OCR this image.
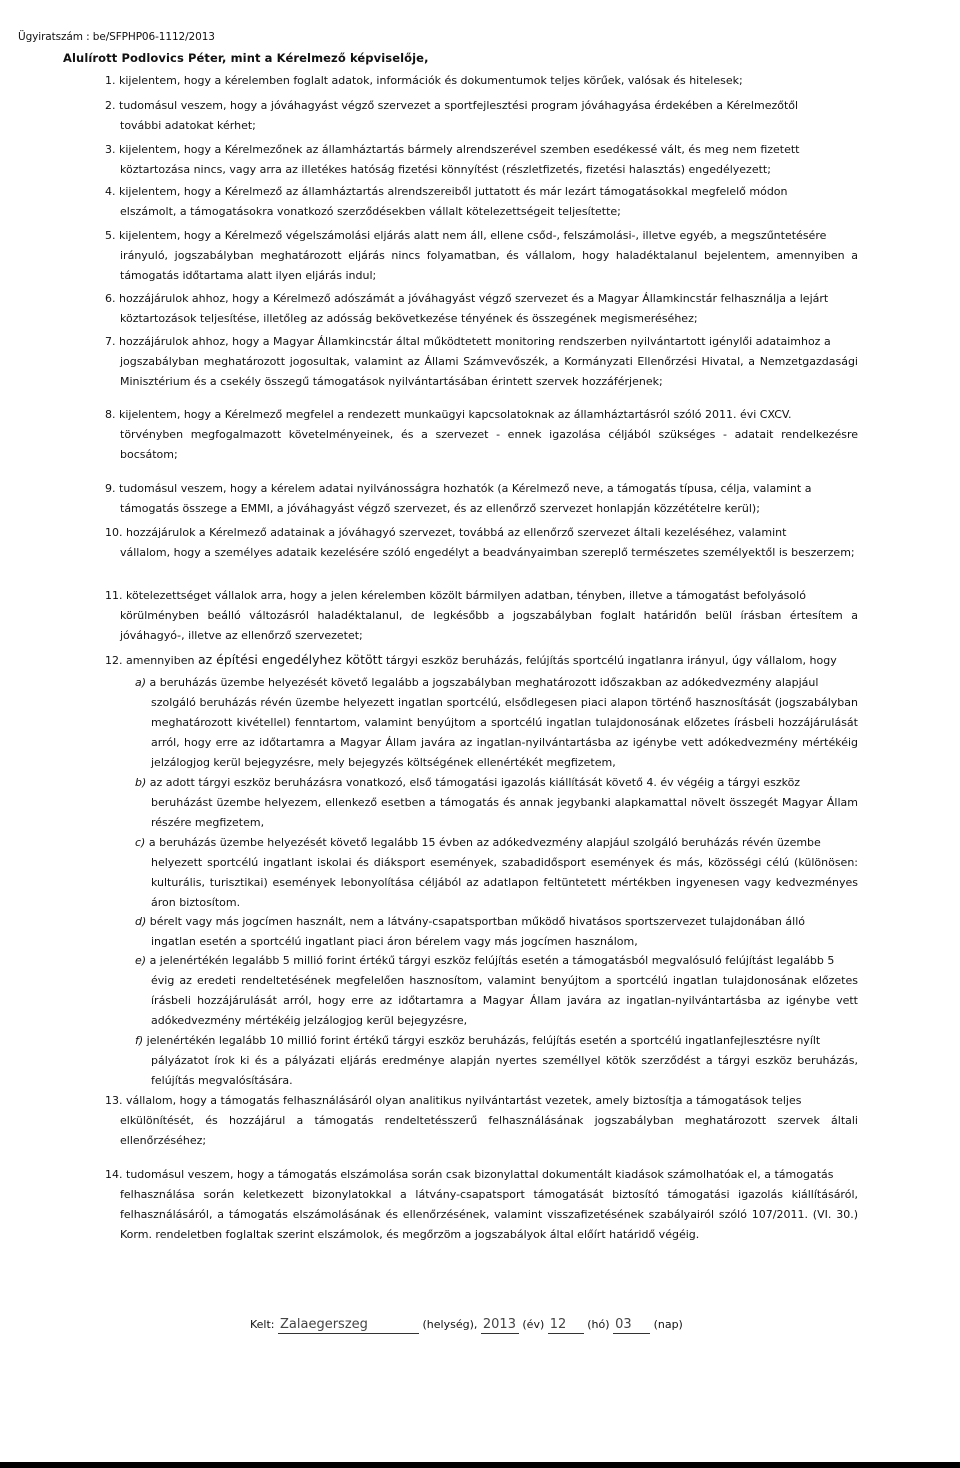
Ügyiratszám : be/SFPHP06-1112/2013
Alulírott Podlovics Péter, mint a Kérelmező képviselője,
1. kijelentem, hogy a kérelemben foglalt adatok, információk és dokumentumok teljes körűek, valósak és hitelesek;
2. tudomásul veszem, hogy a jóváhagyást végző szervezet a sportfejlesztési program jóváhagyása érdekében a Kérelmezőtől
további adatokat kérhet;
3. kijelentem, hogy a Kérelmezőnek az államháztartás bármely alrendszerével szemben esedékessé vált, és meg nem fizetett
köztartozása nincs, vagy arra az illetékes hatóság fizetési könnyítést (részletfizetés, fizetési halasztás) engedélyezett;
4. kijelentem, hogy a Kérelmező az államháztartás alrendszereiből juttatott és már lezárt támogatásokkal megfelelő módon
elszámolt, a támogatásokra vonatkozó szerződésekben vállalt kötelezettségeit teljesítette;
5. kijelentem, hogy a Kérelmező végelszámolási eljárás alatt nem áll, ellene csőd-, felszámolási-, illetve egyéb, a megszűntetésére
irányuló, jogszabályban meghatározott eljárás nincs folyamatban, és vállalom, hogy haladéktalanul bejelentem, amennyiben a támogatás időtartama alatt ilyen eljárás indul;
6. hozzájárulok ahhoz, hogy a Kérelmező adószámát a jóváhagyást végző szervezet és a Magyar Államkincstár felhasználja a lejárt
köztartozások teljesítése, illetőleg az adósság bekövetkezése tényének és összegének megismeréséhez;
7. hozzájárulok ahhoz, hogy a Magyar Államkincstár által működtetett monitoring rendszerben nyilvántartott igénylői adataimhoz a
jogszabályban meghatározott jogosultak, valamint az Állami Számvevőszék, a Kormányzati Ellenőrzési Hivatal, a Nemzetgazdasági Minisztérium és a csekély összegű támogatások nyilvántartásában érintett szervek hozzáférjenek;
8. kijelentem, hogy a Kérelmező megfelel a rendezett munkaügyi kapcsolatoknak az államháztartásról szóló 2011. évi CXCV.
törvényben megfogalmazott követelményeinek, és a szervezet - ennek igazolása céljából szükséges - adatait rendelkezésre bocsátom;
9. tudomásul veszem, hogy a kérelem adatai nyilvánosságra hozhatók (a Kérelmező neve, a támogatás típusa, célja, valamint a
támogatás összege a EMMI, a jóváhagyást végző szervezet, és az ellenőrző szervezet honlapján közzétételre kerül);
10. hozzájárulok a Kérelmező adatainak a jóváhagyó szervezet, továbbá az ellenőrző szervezet általi kezeléséhez, valamint
vállalom, hogy a személyes adataik kezelésére szóló engedélyt a beadványaimban szereplő természetes személyektől is beszerzem;
11. kötelezettséget vállalok arra, hogy a jelen kérelemben közölt bármilyen adatban, tényben, illetve a támogatást befolyásoló
körülményben beálló változásról haladéktalanul, de legkésőbb a jogszabályban foglalt határidőn belül írásban értesítem a jóváhagyó-, illetve az ellenőrző szervezetet;
12. amennyiben az építési engedélyhez kötött tárgyi eszköz beruházás, felújítás sportcélú ingatlanra irányul, úgy vállalom, hogy
a) a beruházás üzembe helyezését követő legalább a jogszabályban meghatározott időszakban az adókedvezmény alapjául
szolgáló beruházás révén üzembe helyezett ingatlan sportcélú, elsődlegesen piaci alapon történő hasznosítását (jogszabályban meghatározott kivétellel) fenntartom, valamint benyújtom a sportcélú ingatlan tulajdonosának előzetes írásbeli hozzájárulását arról, hogy erre az időtartamra a Magyar Állam javára az ingatlan-nyilvántartásba az igénybe vett adókedvezmény mértékéig jelzálogjog kerül bejegyzésre, mely bejegyzés költségének ellenértékét megfizetem,
b) az adott tárgyi eszköz beruházásra vonatkozó, első támogatási igazolás kiállítását követő 4. év végéig a tárgyi eszköz
beruházást üzembe helyezem, ellenkező esetben a támogatás és annak jegybanki alapkamattal növelt összegét Magyar Állam részére megfizetem,
c) a beruházás üzembe helyezését követő legalább 15 évben az adókedvezmény alapjául szolgáló beruházás révén üzembe
helyezett sportcélú ingatlant iskolai és diáksport események, szabadidősport események és más, közösségi célú (különösen: kulturális, turisztikai) események lebonyolítása céljából az adatlapon feltüntetett mértékben ingyenesen vagy kedvezményes áron biztosítom.
d) bérelt vagy más jogcímen használt, nem a látvány-csapatsportban működő hivatásos sportszervezet tulajdonában álló
ingatlan esetén a sportcélú ingatlant piaci áron bérelem vagy más jogcímen használom,
e) a jelenértékén legalább 5 millió forint értékű tárgyi eszköz felújítás esetén a támogatásból megvalósuló felújítást legalább 5
évig az eredeti rendeltetésének megfelelően hasznosítom, valamint benyújtom a sportcélú ingatlan tulajdonosának előzetes írásbeli hozzájárulását arról, hogy erre az időtartamra a Magyar Állam javára az ingatlan-nyilvántartásba az igénybe vett adókedvezmény mértékéig jelzálogjog kerül bejegyzésre,
f) jelenértékén legalább 10 millió forint értékű tárgyi eszköz beruházás, felújítás esetén a sportcélú ingatlanfejlesztésre nyílt
pályázatot írok ki és a pályázati eljárás eredménye alapján nyertes személlyel kötök szerződést a tárgyi eszköz beruházás, felújítás megvalósítására.
13. vállalom, hogy a támogatás felhasználásáról olyan analitikus nyilvántartást vezetek, amely biztosítja a támogatások teljes
elkülönítését, és hozzájárul a támogatás rendeltetésszerű felhasználásának jogszabályban meghatározott szervek általi ellenőrzéséhez;
14. tudomásul veszem, hogy a támogatás elszámolása során csak bizonylattal dokumentált kiadások számolhatóak el, a támogatás
felhasználása során keletkezett bizonylatokkal a látvány-csapatsport támogatását biztosító támogatási igazolás kiállításáról, felhasználásáról, a támogatás elszámolásának és ellenőrzésének, valamint visszafizetésének szabályairól szóló 107/2011. (VI. 30.) Korm. rendeletben foglaltak szerint elszámolok, és megőrzöm a jogszabályok által előírt határidő végéig.
Kelt: Zalaegerszeg	(helység), 2013 (év) 12 (hó) 03 (nap)
